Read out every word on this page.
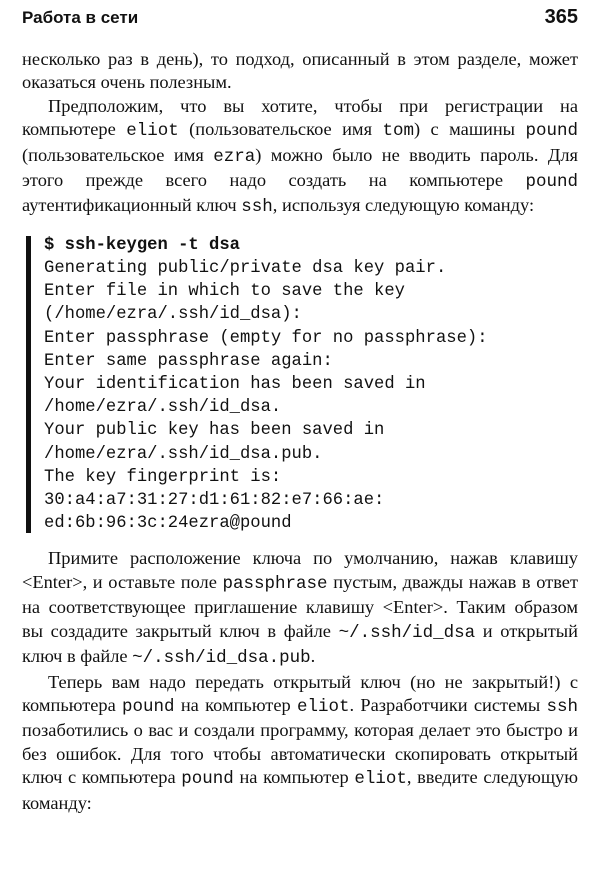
Работа в сети	365

несколько раз в день), то подход, описанный в этом разделе, может оказаться очень полезным.

Предположим, что вы хотите, чтобы при регистрации на компьютере eliot (пользовательское имя tom) с машины pound (пользовательское имя ezra) можно было не вводить пароль. Для этого прежде всего надо создать на компьютере pound аутентификационный ключ ssh, используя следующую команду:

$ ssh-keygen -t dsa
Generating public/private dsa key pair.
Enter file in which to save the key
(/home/ezra/.ssh/id_dsa):
Enter passphrase (empty for no passphrase):
Enter same passphrase again:
Your identification has been saved in
/home/ezra/.ssh/id_dsa.
Your public key has been saved in
/home/ezra/.ssh/id_dsa.pub.
The key fingerprint is:
30:a4:a7:31:27:d1:61:82:e7:66:ae:
ed:6b:96:3c:24ezra@pound

Примите расположение ключа по умолчанию, нажав клавишу <Enter>, и оставьте поле passphrase пустым, дважды нажав в ответ на соответствующее приглашение клавишу <Enter>. Таким образом вы создадите закрытый ключ в файле ~/.ssh/id_dsa и открытый ключ в файле ~/.ssh/id_dsa.pub.

Теперь вам надо передать открытый ключ (но не закрытый!) с компьютера pound на компьютер eliot. Разработчики системы ssh позаботились о вас и создали программу, которая делает это быстро и без ошибок. Для того чтобы автоматически скопировать открытый ключ с компьютера pound на компьютер eliot, введите следующую команду:
